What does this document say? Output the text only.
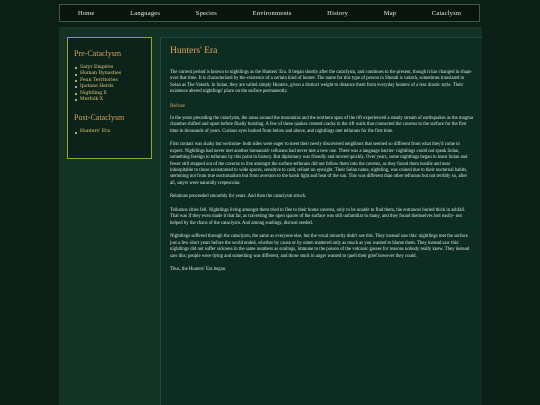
Home	Languages	Species	Environments	History	Map	Cataclysm
Pre-Cataclysm
Satyr Empires
Human Dynasties
Feun Territories
Ipotane Herds
Nightling X
Merfolk X
Post-Cataclysm
Hunters' Era
Hunters' Era

The current period is known to nightlings as the Hunters' Era. It began shortly after the cataclysm, and continues to the present, though it has changed in shape over that time. It is characterized by the existence of a certain kind of hunter. The name for this type of person in Shotali is vakoth, sometimes translated to Solan as The Vakoth. In Solan, they are called simply Hunters, given a distinct weight to distance them from everyday hunters of a less drastic style. Their existence altered nightlings' place on the surface permanently.

Before

In the years preceding the cataclysm, the areas around the mountains and the northern span of the rift experienced a steady stream of earthquakes as the magma chamber shifted and upset before finally bursting. A few of these quakes created cracks in the rift walls that connected the caverns to the surface for the first time in thousands of years. Curious eyes looked from below and above, and nightlings met tellurans for the first time.

First contact was shaky but welcome- both sides were eager to meet their newly discovered neighbors that seemed so different from what they'd come to expect. Nightlings had never met another humanoid- tellurans had never met a new one. There was a language barrier- nightlings could not speak Solan, something foreign to tellurans by this point in history. But diplomacy was friendly and moved quickly. Over years, some nightlings began to learn Solan and fewer still stepped out of the caverns to live amongst the surface-tellurans did not follow them into the caverns, as they found them hostile and near inhospitable to those accustomed to wide spaces, sensitive to cold, reliant on eyesight. Their Solan name, nightling, was coined due to their nocturnal habits, stemming not from true nocturnalism but from aversion to the harsh light and heat of the sun. This was different than other tellurans but not terribly so, after all, satyrs were naturally crepescular.

Relations proceeded smoothly for years. And then the cataclysm struck.

Tellurans cities fell. Nightlings living amongst them tried to flee to their home caverns, only to be unable to find them, the entrances buried thick in ashfall. That was if they even made it that far, as traversing the open spaces of the surface was still unfamiliar to many, and they found themselves lost easily- not helped by the chaos of the cataclysm. And among sunlings, distrust seeded.

Nightlings suffered through the cataclysm, the same as everyone else, but the vocal minority didn't see this. They instead saw this: nightlings met the surface just a few short years before the world ended, whether by cause or by omen mattered only as much as you wanted to blame them. They instead saw this: nightlings did not suffer sickness in the same numbers as sunlings, immune to the poison of the volcanic gasses for reasons nobody really knew. They instead saw this: people were dying and something was different, and those stuck in anger wanted to quell their grief however they could.

Thus, the Hunters' Era began.
